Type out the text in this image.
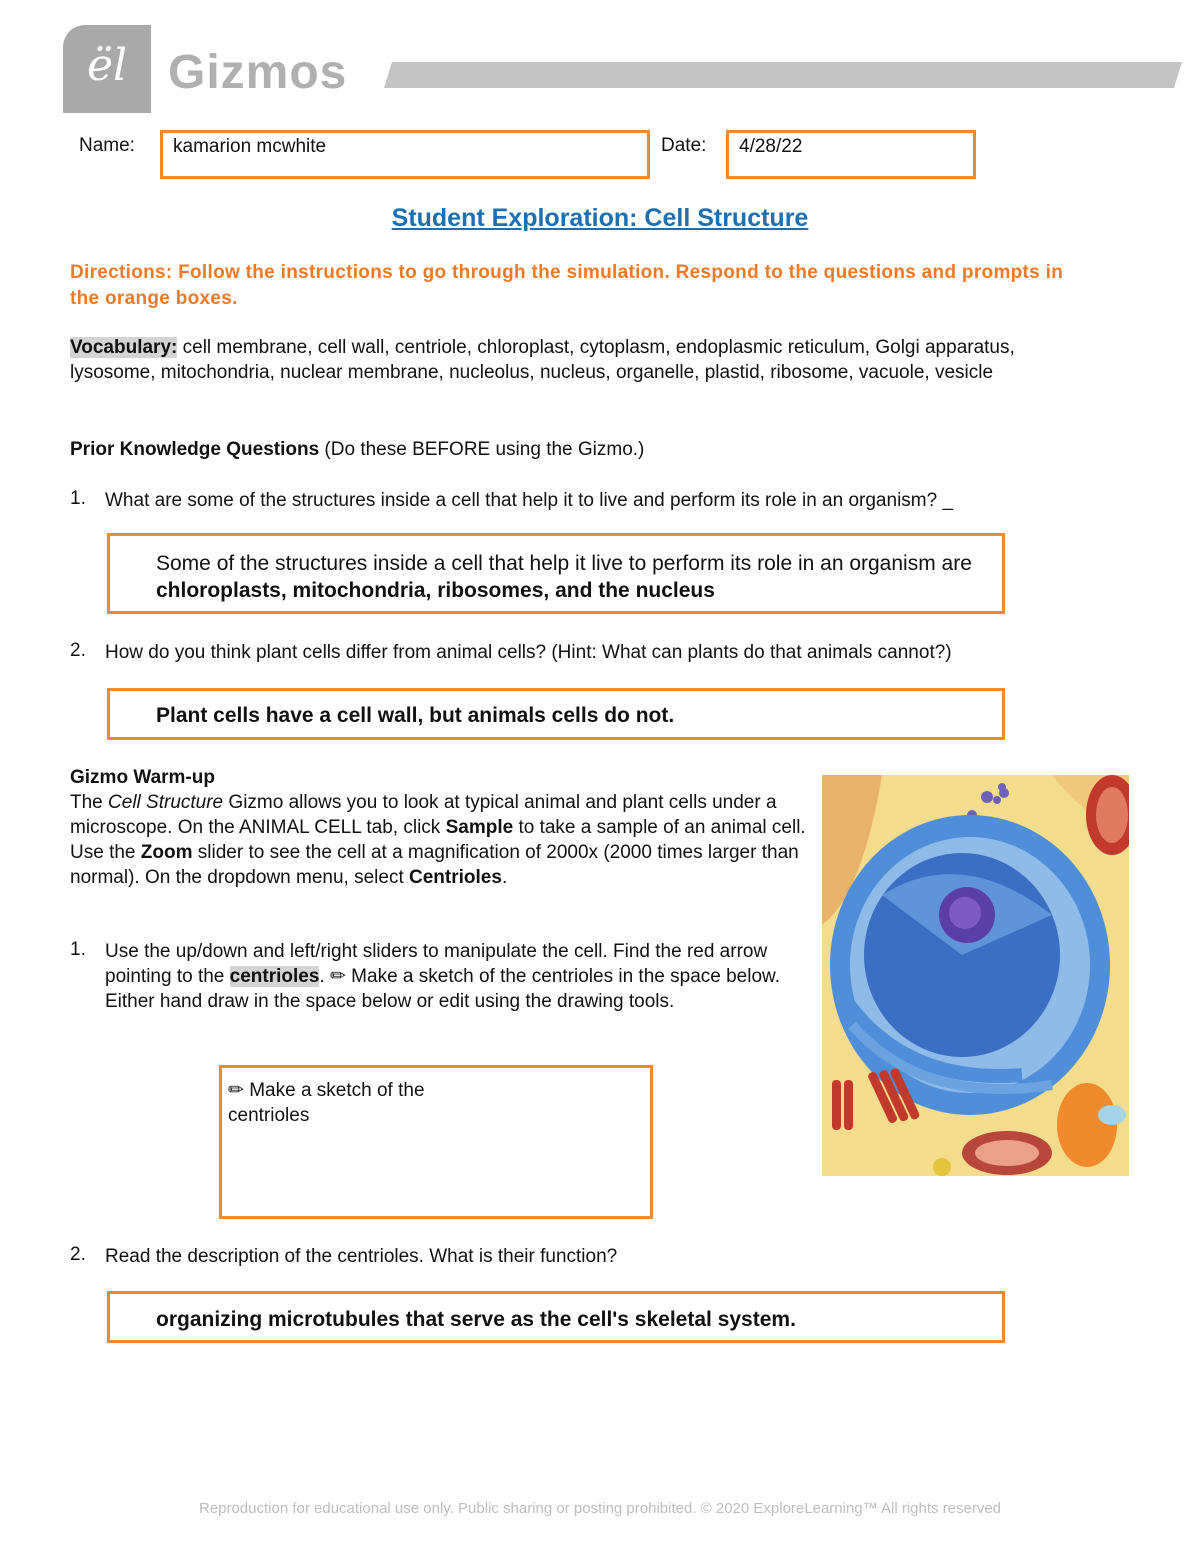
ël Gizmos
Name:	kamarion mcwhite	Date:	4/28/22
Student Exploration: Cell Structure
Directions: Follow the instructions to go through the simulation. Respond to the questions and prompts in the orange boxes.
Vocabulary: cell membrane, cell wall, centriole, chloroplast, cytoplasm, endoplasmic reticulum, Golgi apparatus, lysosome, mitochondria, nuclear membrane, nucleolus, nucleus, organelle, plastid, ribosome, vacuole, vesicle
Prior Knowledge Questions (Do these BEFORE using the Gizmo.)
1. What are some of the structures inside a cell that help it to live and perform its role in an organism? _
Some of the structures inside a cell that help it live to perform its role in an organism are chloroplasts, mitochondria, ribosomes, and the nucleus
2. How do you think plant cells differ from animal cells? (Hint: What can plants do that animals cannot?)
Plant cells have a cell wall, but animals cells do not.
Gizmo Warm-up
The Cell Structure Gizmo allows you to look at typical animal and plant cells under a microscope. On the ANIMAL CELL tab, click Sample to take a sample of an animal cell. Use the Zoom slider to see the cell at a magnification of 2000x (2000 times larger than normal). On the dropdown menu, select Centrioles.
1. Use the up/down and left/right sliders to manipulate the cell. Find the red arrow pointing to the centrioles. ✏ Make a sketch of the centrioles in the space below. Either hand draw in the space below or edit using the drawing tools.
✏ Make a sketch of the centrioles
2. Read the description of the centrioles. What is their function?
organizing microtubules that serve as the cell's skeletal system.
Reproduction for educational use only. Public sharing or posting prohibited. © 2020 ExploreLearning™ All rights reserved
